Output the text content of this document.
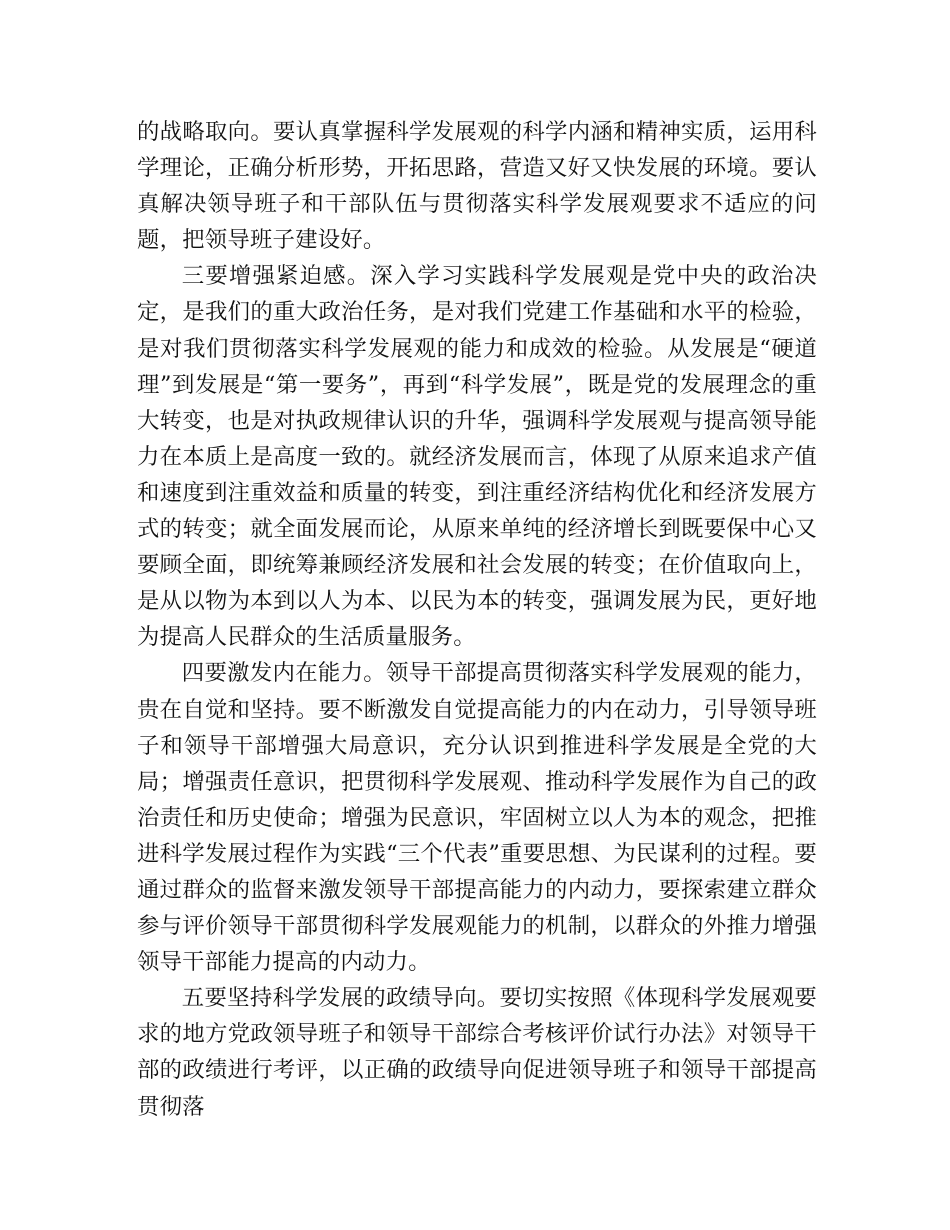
的战略取向。要认真掌握科学发展观的科学内涵和精神实质，运用科学理论，正确分析形势，开拓思路，营造又好又快发展的环境。要认真解决领导班子和干部队伍与贯彻落实科学发展观要求不适应的问题，把领导班子建设好。

三要增强紧迫感。深入学习实践科学发展观是党中央的政治决定，是我们的重大政治任务，是对我们党建工作基础和水平的检验，是对我们贯彻落实科学发展观的能力和成效的检验。从发展是“硬道理”到发展是“第一要务”，再到“科学发展”，既是党的发展理念的重大转变，也是对执政规律认识的升华，强调科学发展观与提高领导能力在本质上是高度一致的。就经济发展而言，体现了从原来追求产值和速度到注重效益和质量的转变，到注重经济结构优化和经济发展方式的转变；就全面发展而论，从原来单纯的经济增长到既要保中心又要顾全面，即统筹兼顾经济发展和社会发展的转变；在价值取向上，是从以物为本到以人为本、以民为本的转变，强调发展为民，更好地为提高人民群众的生活质量服务。

四要激发内在能力。领导干部提高贯彻落实科学发展观的能力，贵在自觉和坚持。要不断激发自觉提高能力的内在动力，引导领导班子和领导干部增强大局意识，充分认识到推进科学发展是全党的大局；增强责任意识，把贯彻科学发展观、推动科学发展作为自己的政治责任和历史使命；增强为民意识，牢固树立以人为本的观念，把推进科学发展过程作为实践“三个代表”重要思想、为民谋利的过程。要通过群众的监督来激发领导干部提高能力的内动力，要探索建立群众参与评价领导干部贯彻科学发展观能力的机制，以群众的外推力增强领导干部能力提高的内动力。

五要坚持科学发展的政绩导向。要切实按照《体现科学发展观要求的地方党政领导班子和领导干部综合考核评价试行办法》对领导干部的政绩进行考评，以正确的政绩导向促进领导班子和领导干部提高贯彻落
